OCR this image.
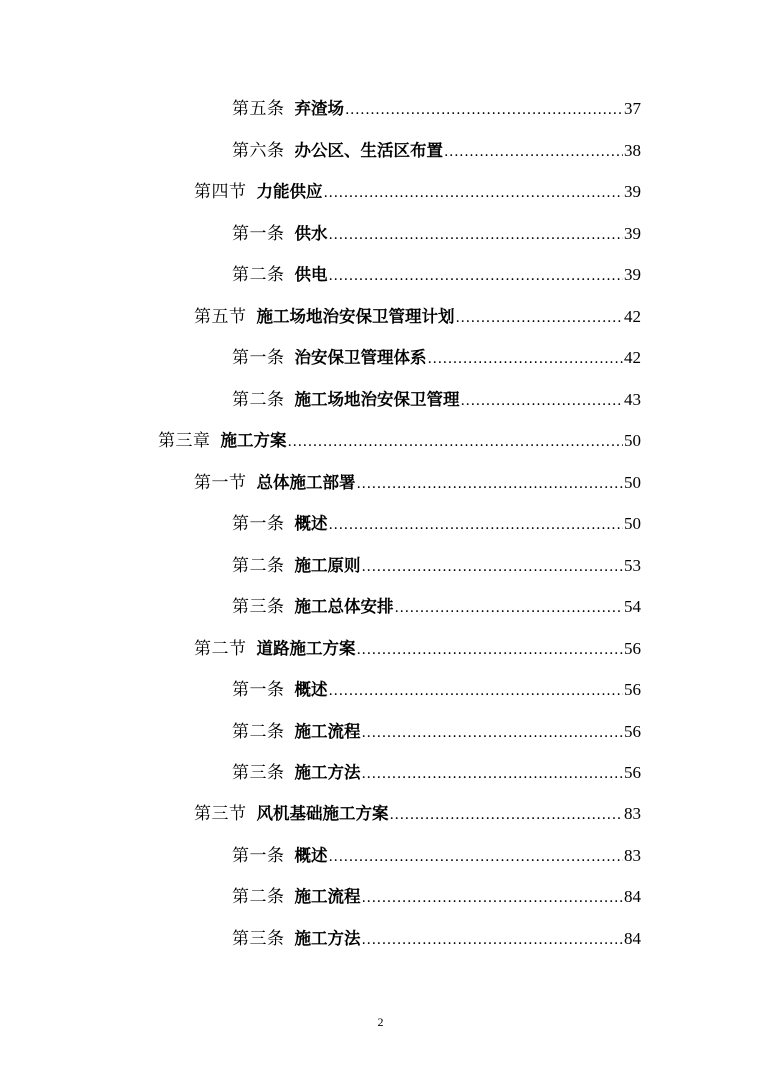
第五条 弃渣场 .....	37
第六条 办公区、生活区布置 .....	38
第四节 力能供应 .....	39
第一条 供水 .....	39
第二条 供电 .....	39
第五节 施工场地治安保卫管理计划 .....	42
第一条 治安保卫管理体系 .....	42
第二条 施工场地治安保卫管理 .....	43
第三章 施工方案 .....	50
第一节 总体施工部署 .....	50
第一条 概述 .....	50
第二条 施工原则 .....	53
第三条 施工总体安排 .....	54
第二节 道路施工方案 .....	56
第一条 概述 .....	56
第二条 施工流程 .....	56
第三条 施工方法 .....	56
第三节 风机基础施工方案 .....	83
第一条 概述 .....	83
第二条 施工流程 .....	84
第三条 施工方法 .....	84
2
